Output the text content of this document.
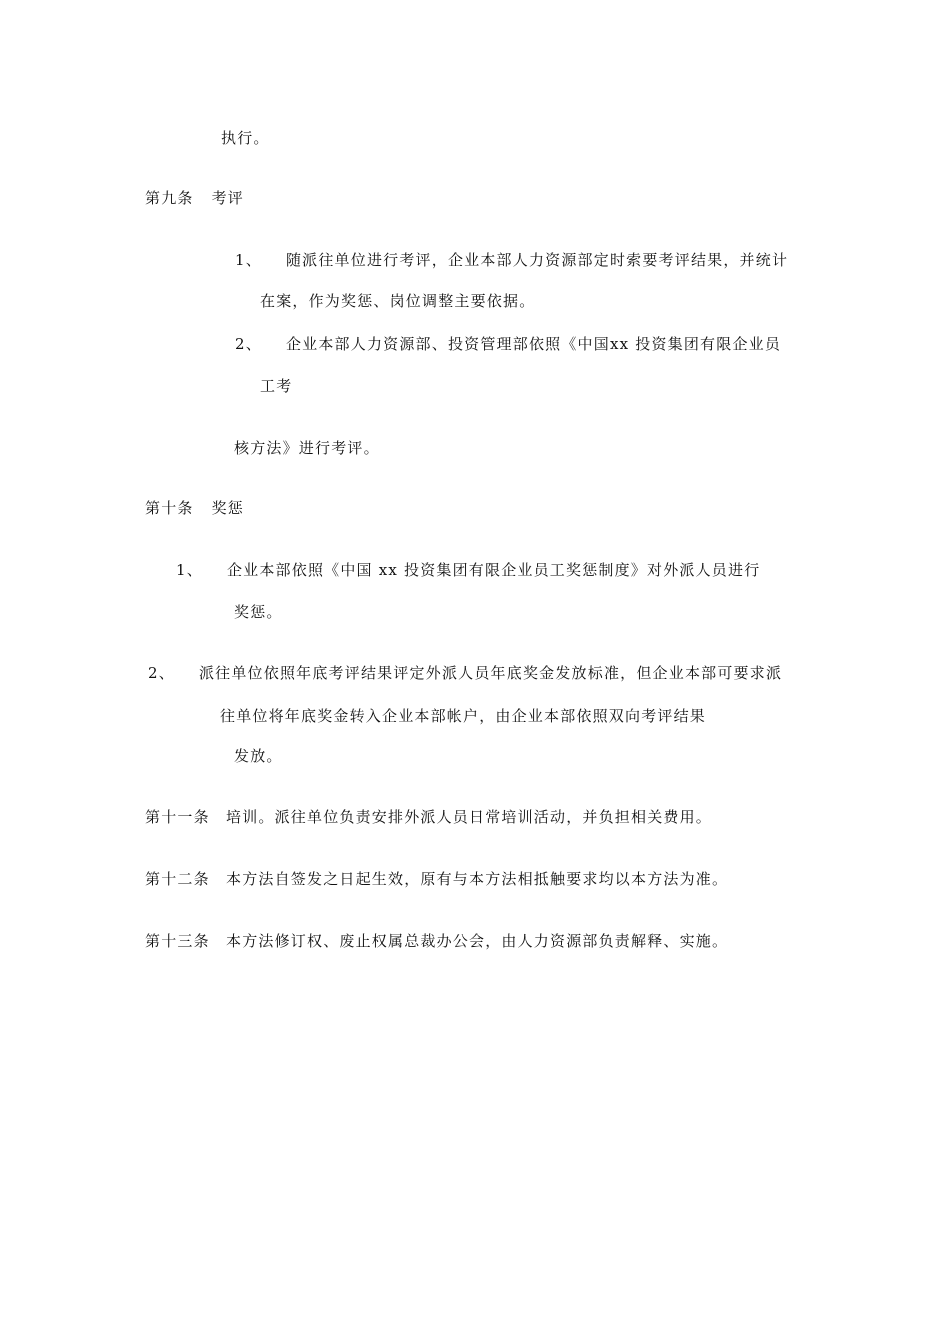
执行。
第九条 考评
1、 随派往单位进行考评，企业本部人力资源部定时索要考评结果，并统计
在案，作为奖惩、岗位调整主要依据。
2、 企业本部人力资源部、投资管理部依照《中国xx 投资集团有限企业员
工考
核方法》进行考评。
第十条 奖惩
1、 企业本部依照《中国 xx 投资集团有限企业员工奖惩制度》对外派人员进行
奖惩。
2、 派往单位依照年底考评结果评定外派人员年底奖金发放标准，但企业本部可要求派
往单位将年底奖金转入企业本部帐户，由企业本部依照双向考评结果
发放。
第十一条　培训。派往单位负责安排外派人员日常培训活动，并负担相关费用。
第十二条　本方法自签发之日起生效，原有与本方法相抵触要求均以本方法为准。
第十三条　本方法修订权、废止权属总裁办公会，由人力资源部负责解释、实施。
